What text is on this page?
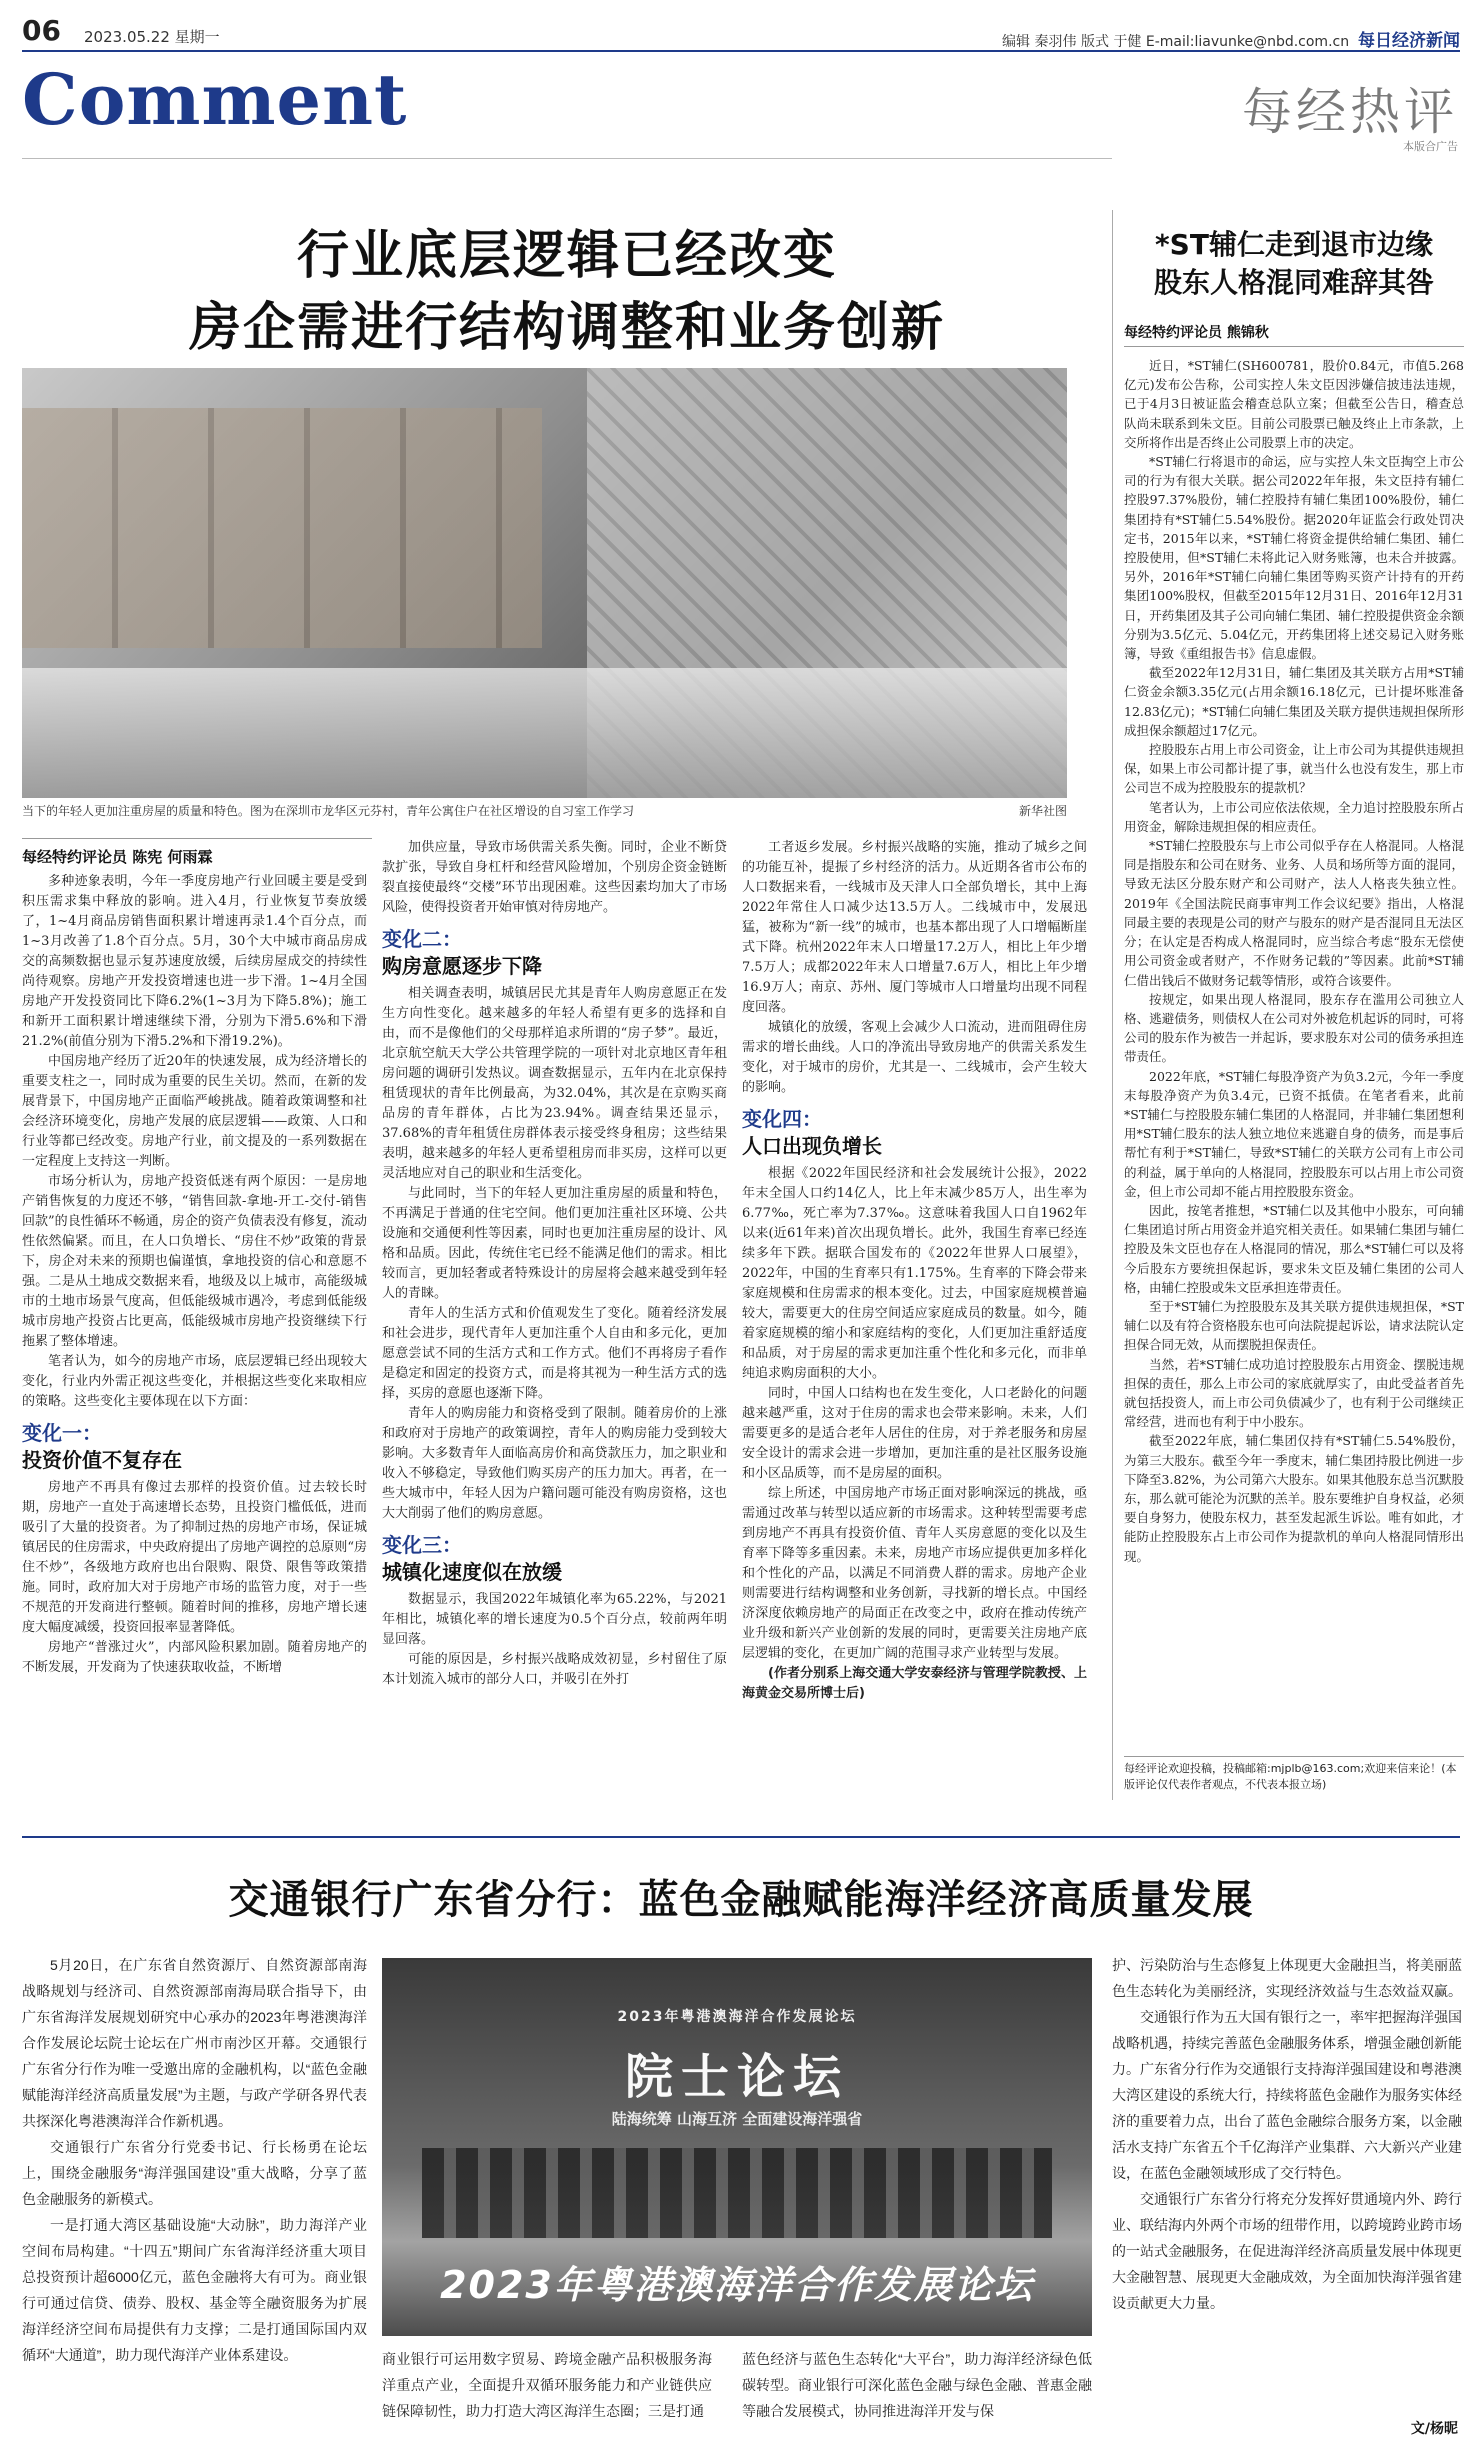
06 2023.05.22 星期一	编辑 秦羽伟 版式 于健 E-mail:liavunke@nbd.com.cn 每日经济新闻
Comment	每经热评
本版合广告
行业底层逻辑已经改变
房企需进行结构调整和业务创新
当下的年轻人更加注重房屋的质量和特色。图为在深圳市龙华区元芬村，青年公寓住户在社区增设的自习室工作学习	新华社图
每经特约评论员 陈宪 何雨霖

多种迹象表明，今年一季度房地产行业回暖主要是受到积压需求集中释放的影响。进入4月，行业恢复节奏放缓了，1~4月商品房销售面积累计增速再录1.4个百分点，而1~3月改善了1.8个百分点。5月，30个大中城市商品房成交的高频数据也显示复苏速度放缓，后续房屋成交的持续性尚待观察。房地产开发投资增速也进一步下滑。1~4月全国房地产开发投资同比下降6.2%(1~3月为下降5.8%)；施工和新开工面积累计增速继续下滑，分别为下滑5.6%和下滑21.2%(前值分别为下滑5.2%和下滑19.2%)。

中国房地产经历了近20年的快速发展，成为经济增长的重要支柱之一，同时成为重要的民生关切。然而，在新的发展背景下，中国房地产正面临严峻挑战。随着政策调整和社会经济环境变化，房地产发展的底层逻辑——政策、人口和行业等都已经改变。房地产行业，前文提及的一系列数据在一定程度上支持这一判断。

市场分析认为，房地产投资低迷有两个原因：一是房地产销售恢复的力度还不够，“销售回款-拿地-开工-交付-销售回款”的良性循环不畅通，房企的资产负债表没有修复，流动性依然偏紧。而且，在人口负增长、“房住不炒”政策的背景下，房企对未来的预期也偏谨慎，拿地投资的信心和意愿不强。二是从土地成交数据来看，地级及以上城市，高能级城市的土地市场景气度高，但低能级城市遇冷，考虑到低能级城市房地产投资占比更高，低能级城市房地产投资继续下行拖累了整体增速。

笔者认为，如今的房地产市场，底层逻辑已经出现较大变化，行业内外需正视这些变化，并根据这些变化来取相应的策略。这些变化主要体现在以下方面：

变化一：
投资价值不复存在

房地产不再具有像过去那样的投资价值。过去较长时期，房地产一直处于高速增长态势，且投资门槛低低，进而吸引了大量的投资者。为了抑制过热的房地产市场，保证城镇居民的住房需求，中央政府提出了房地产调控的总原则“房住不炒”，各级地方政府也出台限购、限贷、限售等政策措施。同时，政府加大对于房地产市场的监管力度，对于一些不规范的开发商进行整顿。随着时间的推移，房地产增长速度大幅度减缓，投资回报率显著降低。

房地产“普涨过火”，内部风险积累加剧。随着房地产的不断发展，开发商为了快速获取收益，不断增

加供应量，导致市场供需关系失衡。同时，企业不断贷款扩张，导致自身杠杆和经营风险增加，个别房企资金链断裂直接使最终“交楼”环节出现困难。这些因素均加大了市场风险，使得投资者开始审慎对待房地产。

变化二：
购房意愿逐步下降

相关调查表明，城镇居民尤其是青年人购房意愿正在发生方向性变化。越来越多的年轻人希望有更多的选择和自由，而不是像他们的父母那样追求所谓的“房子梦”。最近，北京航空航天大学公共管理学院的一项针对北京地区青年租房问题的调研引发热议。调查数据显示，五年内在北京保持租赁现状的青年比例最高，为32.04%，其次是在京购买商品房的青年群体，占比为23.94%。调查结果还显示，37.68%的青年租赁住房群体表示接受终身租房；这些结果表明，越来越多的年轻人更希望租房而非买房，这样可以更灵活地应对自己的职业和生活变化。

与此同时，当下的年轻人更加注重房屋的质量和特色，不再满足于普通的住宅空间。他们更加注重社区环境、公共设施和交通便利性等因素，同时也更加注重房屋的设计、风格和品质。因此，传统住宅已经不能满足他们的需求。相比较而言，更加轻奢或者特殊设计的房屋将会越来越受到年轻人的青睐。

青年人的生活方式和价值观发生了变化。随着经济发展和社会进步，现代青年人更加注重个人自由和多元化，更加愿意尝试不同的生活方式和工作方式。他们不再将房子看作是稳定和固定的投资方式，而是将其视为一种生活方式的选择，买房的意愿也逐渐下降。

青年人的购房能力和资格受到了限制。随着房价的上涨和政府对于房地产的政策调控，青年人的购房能力受到较大影响。大多数青年人面临高房价和高贷款压力，加之职业和收入不够稳定，导致他们购买房产的压力加大。再者，在一些大城市中，年轻人因为户籍问题可能没有购房资格，这也大大削弱了他们的购房意愿。

变化三：
城镇化速度似在放缓

数据显示，我国2022年城镇化率为65.22%，与2021年相比，城镇化率的增长速度为0.5个百分点，较前两年明显回落。

可能的原因是，乡村振兴战略成效初显，乡村留住了原本计划流入城市的部分人口，并吸引在外打

工者返乡发展。乡村振兴战略的实施，推动了城乡之间的功能互补，提振了乡村经济的活力。从近期各省市公布的人口数据来看，一线城市及天津人口全部负增长，其中上海2022年常住人口减少达13.5万人。二线城市中，发展迅猛，被称为“新一线”的城市，也基本都出现了人口增幅断崖式下降。杭州2022年末人口增量17.2万人，相比上年少增7.5万人；成都2022年末人口增量7.6万人，相比上年少增16.9万人；南京、苏州、厦门等城市人口增量均出现不同程度回落。

城镇化的放缓，客观上会减少人口流动，进而阻碍住房需求的增长曲线。人口的净流出导致房地产的供需关系发生变化，对于城市的房价，尤其是一、二线城市，会产生较大的影响。

变化四：
人口出现负增长

根据《2022年国民经济和社会发展统计公报》，2022年末全国人口约14亿人，比上年末减少85万人，出生率为6.77‰，死亡率为7.37‰。这意味着我国人口自1962年以来(近61年来)首次出现负增长。此外，我国生育率已经连续多年下跌。据联合国发布的《2022年世界人口展望》，2022年，中国的生育率只有1.175%。生育率的下降会带来家庭规模和住房需求的根本变化。过去，中国家庭规模普遍较大，需要更大的住房空间适应家庭成员的数量。如今，随着家庭规模的缩小和家庭结构的变化，人们更加注重舒适度和品质，对于房屋的需求更加注重个性化和多元化，而非单纯追求购房面积的大小。

同时，中国人口结构也在发生变化，人口老龄化的问题越来越严重，这对于住房的需求也会带来影响。未来，人们需要更多的是适合老年人居住的住房，对于养老服务和房屋安全设计的需求会进一步增加，更加注重的是社区服务设施和小区品质等，而不是房屋的面积。

综上所述，中国房地产市场正面对影响深远的挑战，亟需通过改革与转型以适应新的市场需求。这种转型需要考虑到房地产不再具有投资价值、青年人买房意愿的变化以及生育率下降等多重因素。未来，房地产市场应提供更加多样化和个性化的产品，以满足不同消费人群的需求。房地产企业则需要进行结构调整和业务创新，寻找新的增长点。中国经济深度依赖房地产的局面正在改变之中，政府在推动传统产业升级和新兴产业创新的发展的同时，更需要关注房地产底层逻辑的变化，在更加广阔的范围寻求产业转型与发展。

(作者分别系上海交通大学安泰经济与管理学院教授、上海黄金交易所博士后)

*ST辅仁走到退市边缘
股东人格混同难辞其咎
每经特约评论员 熊锦秋

近日，*ST辅仁(SH600781，股价0.84元，市值5.268亿元)发布公告称，公司实控人朱文臣因涉嫌信披违法违规，已于4月3日被证监会稽查总队立案；但截至公告日，稽查总队尚未联系到朱文臣。目前公司股票已触及终止上市条款，上交所将作出是否终止公司股票上市的决定。

*ST辅仁行将退市的命运，应与实控人朱文臣掏空上市公司的行为有很大关联。据公司2022年年报，朱文臣持有辅仁控股97.37%股份，辅仁控股持有辅仁集团100%股份，辅仁集团持有*ST辅仁5.54%股份。据2020年证监会行政处罚决定书，2015年以来，*ST辅仁将资金提供给辅仁集团、辅仁控股使用，但*ST辅仁未将此记入财务账簿，也未合并披露。另外，2016年*ST辅仁向辅仁集团等购买资产计持有的开药集团100%股权，但截至2015年12月31日、2016年12月31日，开药集团及其子公司向辅仁集团、辅仁控股提供资金余额分别为3.5亿元、5.04亿元，开药集团将上述交易记入财务账簿，导致《重组报告书》信息虚假。

截至2022年12月31日，辅仁集团及其关联方占用*ST辅仁资金余额3.35亿元(占用余额16.18亿元，已计提坏账准备12.83亿元)；*ST辅仁向辅仁集团及关联方提供违规担保所形成担保余额超过17亿元。

控股股东占用上市公司资金，让上市公司为其提供违规担保，如果上市公司都计提了事，就当什么也没有发生，那上市公司岂不成为控股股东的提款机？

笔者认为，上市公司应依法依规，全力追讨控股股东所占用资金，解除违规担保的相应责任。

*ST辅仁控股股东与上市公司似乎存在人格混同。人格混同是指股东和公司在财务、业务、人员和场所等方面的混同，导致无法区分股东财产和公司财产，法人人格丧失独立性。2019年《全国法院民商事审判工作会议纪要》指出，人格混同最主要的表现是公司的财产与股东的财产是否混同且无法区分；在认定是否构成人格混同时，应当综合考虑“股东无偿使用公司资金或者财产，不作财务记载的”等因素。此前*ST辅仁借出钱后不做财务记载等情形，或符合该要件。

按规定，如果出现人格混同，股东存在滥用公司独立人格、逃避债务，则债权人在公司对外被危机起诉的同时，可将公司的股东作为被告一并起诉，要求股东对公司的债务承担连带责任。

2022年底，*ST辅仁每股净资产为负3.2元，今年一季度末每股净资产为负3.4元，已资不抵债。在笔者看来，此前*ST辅仁与控股股东辅仁集团的人格混同，并非辅仁集团想利用*ST辅仁股东的法人独立地位来逃避自身的债务，而是事后帮忙有利于*ST辅仁，导致*ST辅仁的关联方公司有上市公司的利益，属于单向的人格混同，控股股东可以占用上市公司资金，但上市公司却不能占用控股股东资金。

因此，按笔者推想，*ST辅仁以及其他中小股东，可向辅仁集团追讨所占用资金并追究相关责任。如果辅仁集团与辅仁控股及朱文臣也存在人格混同的情况，那么*ST辅仁可以及将今后股东方要统担保起诉，要求朱文臣及辅仁集团的公司人格，由辅仁控股或朱文臣承担连带责任。

至于*ST辅仁为控股股东及其关联方提供违规担保，*ST辅仁以及有符合资格股东也可向法院提起诉讼，请求法院认定担保合同无效，从而摆脱担保责任。

当然，若*ST辅仁成功追讨控股股东占用资金、摆脱违规担保的责任，那么上市公司的家底就厚实了，由此受益者首先就包括投资人，而上市公司负债减少了，也有利于公司继续正常经营，进而也有利于中小股东。

截至2022年底，辅仁集团仅持有*ST辅仁5.54%股份，为第三大股东。截至今年一季度末，辅仁集团持股比例进一步下降至3.82%，为公司第六大股东。如果其他股东总当沉默股东，那么就可能沦为沉默的羔羊。股东要维护自身权益，必须要自身努力，使股东权力，甚至发起派生诉讼。唯有如此，才能防止控股股东占上市公司作为提款机的单向人格混同情形出现。

每经评论欢迎投稿，投稿邮箱:mjplb@163.com;欢迎来信来论！(本版评论仅代表作者观点，不代表本报立场)
交通银行广东省分行：蓝色金融赋能海洋经济高质量发展

5月20日，在广东省自然资源厅、自然资源部南海战略规划与经济司、自然资源部南海局联合指导下，由广东省海洋发展规划研究中心承办的2023年粤港澳海洋合作发展论坛院士论坛在广州市南沙区开幕。交通银行广东省分行作为唯一受邀出席的金融机构，以“蓝色金融赋能海洋经济高质量发展”为主题，与政产学研各界代表共探深化粤港澳海洋合作新机遇。

交通银行广东省分行党委书记、行长杨勇在论坛上，围绕金融服务“海洋强国建设”重大战略，分享了蓝色金融服务的新模式。

一是打通大湾区基础设施“大动脉”，助力海洋产业空间布局构建。“十四五”期间广东省海洋经济重大项目总投资预计超6000亿元，蓝色金融将大有可为。商业银行可通过信贷、债券、股权、基金等全融资服务为扩展海洋经济空间布局提供有力支撑；二是打通国际国内双循环“大通道”，助力现代海洋产业体系建设。

2023年粤港澳海洋合作发展论坛
院士论坛
陆海统筹 山海互济 全面建设海洋强省
2023年粤港澳海洋合作发展论坛

商业银行可运用数字贸易、跨境金融产品积极服务海洋重点产业，全面提升双循环服务能力和产业链供应链保障韧性，助力打造大湾区海洋生态圈；三是打通

蓝色经济与蓝色生态转化“大平台”，助力海洋经济绿色低碳转型。商业银行可深化蓝色金融与绿色金融、普惠金融等融合发展模式，协同推进海洋开发与保

护、污染防治与生态修复上体现更大金融担当，将美丽蓝色生态转化为美丽经济，实现经济效益与生态效益双赢。

交通银行作为五大国有银行之一，率牢把握海洋强国战略机遇，持续完善蓝色金融服务体系，增强金融创新能力。广东省分行作为交通银行支持海洋强国建设和粤港澳大湾区建设的系统大行，持续将蓝色金融作为服务实体经济的重要着力点，出台了蓝色金融综合服务方案，以金融活水支持广东省五个千亿海洋产业集群、六大新兴产业建设，在蓝色金融领域形成了交行特色。

交通银行广东省分行将充分发挥好贯通境内外、跨行业、联结海内外两个市场的纽带作用，以跨境跨业跨市场的一站式金融服务，在促进海洋经济高质量发展中体现更大金融智慧、展现更大金融成效，为全面加快海洋强省建设贡献更大力量。

文/杨昵
